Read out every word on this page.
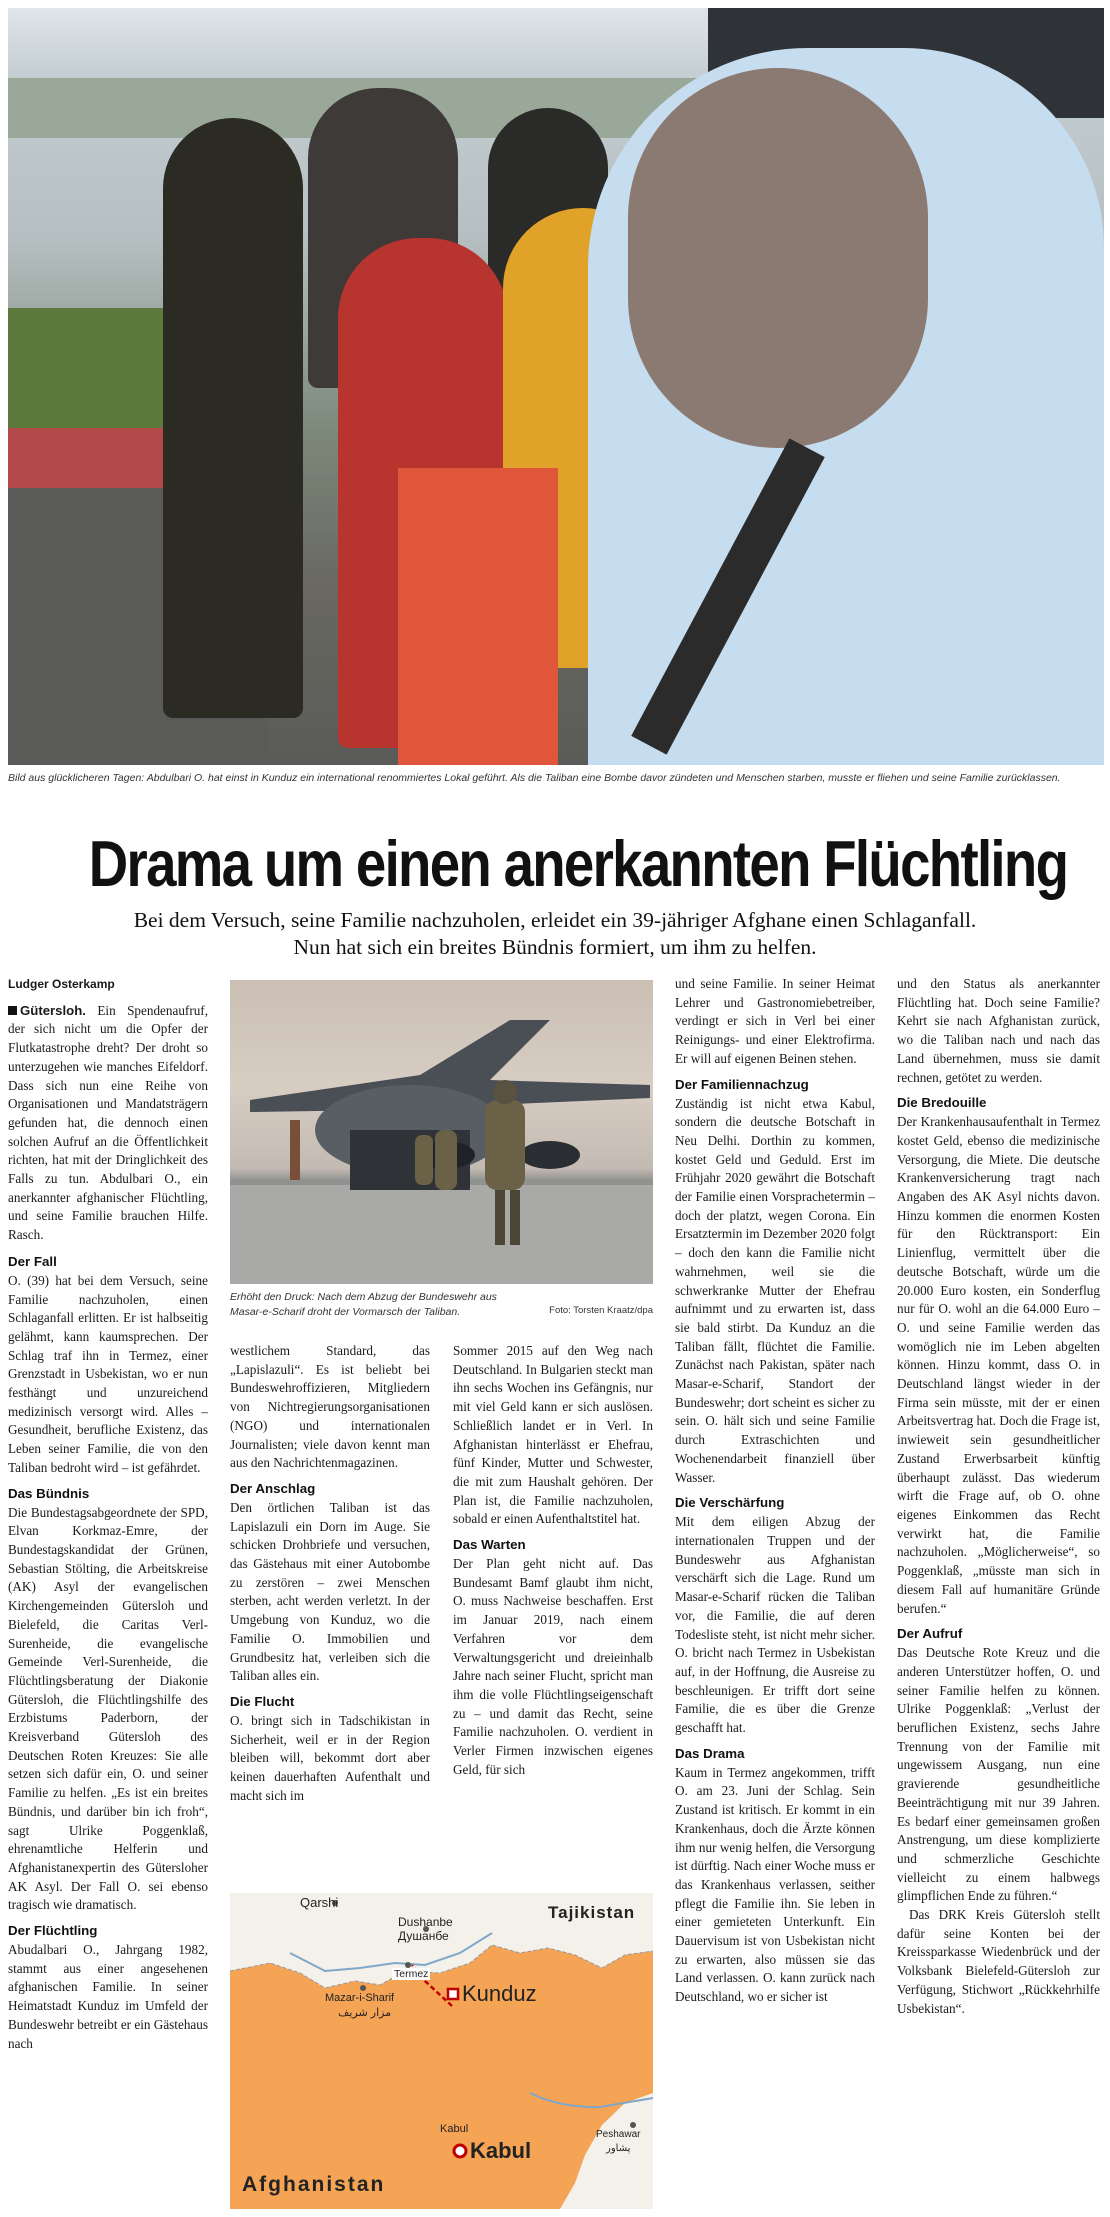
Bild aus glücklicheren Tagen: Abdulbari O. hat einst in Kunduz ein international renommiertes Lokal geführt. Als die Taliban eine Bombe davor zündeten und Menschen starben, musste er fliehen und seine Familie zurücklassen.
Drama um einen anerkannten Flüchtling
Bei dem Versuch, seine Familie nachzuholen, erleidet ein 39-jähriger Afghane einen Schlaganfall.
Nun hat sich ein breites Bündnis formiert, um ihm zu helfen.

Ludger Osterkamp

Gütersloh. Ein Spendenaufruf, der sich nicht um die Opfer der Flutkatastrophe dreht? Der droht so unterzugehen wie manches Eifeldorf. Dass sich nun eine Reihe von Organisationen und Mandatsträgern gefunden hat, die dennoch einen solchen Aufruf an die Öffentlichkeit richten, hat mit der Dringlichkeit des Falls zu tun. Abdulbari O., ein anerkannter afghanischer Flüchtling, und seine Familie brauchen Hilfe. Rasch.

Der Fall

O. (39) hat bei dem Versuch, seine Familie nachzuholen, einen Schlaganfall erlitten. Er ist halbseitig gelähmt, kann kaumsprechen. Der Schlag traf ihn in Termez, einer Grenzstadt in Usbekistan, wo er nun festhängt und unzureichend medizinisch versorgt wird. Alles – Gesundheit, berufliche Existenz, das Leben seiner Familie, die von den Taliban bedroht wird – ist gefährdet.

Das Bündnis

Die Bundestagsabgeordnete der SPD, Elvan Korkmaz-Emre, der Bundestagskandidat der Grünen, Sebastian Stölting, die Arbeitskreise (AK) Asyl der evangelischen Kirchengemeinden Gütersloh und Bielefeld, die Caritas Verl-Surenheide, die evangelische Gemeinde Verl-Surenheide, die Flüchtlingsberatung der Diakonie Gütersloh, die Flüchtlingshilfe des Erzbistums Paderborn, der Kreisverband Gütersloh des Deutschen Roten Kreuzes: Sie alle setzen sich dafür ein, O. und seiner Familie zu helfen. „Es ist ein breites Bündnis, und darüber bin ich froh“, sagt Ulrike Poggenklaß, ehrenamtliche Helferin und Afghanistanexpertin des Gütersloher AK Asyl. Der Fall O. sei ebenso tragisch wie dramatisch.

Der Flüchtling

Abudalbari O., Jahrgang 1982, stammt aus einer angesehenen afghanischen Familie. In seiner Heimatstadt Kunduz im Umfeld der Bundeswehr betreibt er ein Gästehaus nach

Erhöht den Druck: Nach dem Abzug der Bundeswehr aus Masar-e-Scharif droht der Vormarsch der Taliban.	Foto: Torsten Kraatz/dpa

westlichem Standard, das „Lapislazuli“. Es ist beliebt bei Bundeswehroffizieren, Mitgliedern von Nichtregierungsorganisationen (NGO) und internationalen Journalisten; viele davon kennt man aus den Nachrichtenmagazinen.

Der Anschlag

Den örtlichen Taliban ist das Lapislazuli ein Dorn im Auge. Sie schicken Drohbriefe und versuchen, das Gästehaus mit einer Autobombe zu zerstören – zwei Menschen sterben, acht werden verletzt. In der Umgebung von Kunduz, wo die Familie O. Immobilien und Grundbesitz hat, verleiben sich die Taliban alles ein.

Die Flucht

O. bringt sich in Tadschikistan in Sicherheit, weil er in der Region bleiben will, bekommt dort aber keinen dauerhaften Aufenthalt und macht sich im

Sommer 2015 auf den Weg nach Deutschland. In Bulgarien steckt man ihn sechs Wochen ins Gefängnis, nur mit viel Geld kann er sich auslösen. Schließlich landet er in Verl. In Afghanistan hinterlässt er Ehefrau, fünf Kinder, Mutter und Schwester, die mit zum Haushalt gehören. Der Plan ist, die Familie nachzuholen, sobald er einen Aufenthaltstitel hat.

Das Warten

Der Plan geht nicht auf. Das Bundesamt Bamf glaubt ihm nicht, O. muss Nachweise beschaffen. Erst im Januar 2019, nach einem Verfahren vor dem Verwaltungsgericht und dreieinhalb Jahre nach seiner Flucht, spricht man ihm die volle Flüchtlingseigenschaft zu – und damit das Recht, seine Familie nachzuholen. O. verdient in Verler Firmen inzwischen eigenes Geld, für sich

Qarshi
Tajikistan
Dushanbe
Душанбе
Termez
Mazar-i-Sharif
مزار شریف
Kunduz
Kabul
Kabul
Peshawar
پشاور
Afghanistan

und seine Familie. In seiner Heimat Lehrer und Gastronomiebetreiber, verdingt er sich in Verl bei einer Reinigungs- und einer Elektrofirma. Er will auf eigenen Beinen stehen.

Der Familiennachzug

Zuständig ist nicht etwa Kabul, sondern die deutsche Botschaft in Neu Delhi. Dorthin zu kommen, kostet Geld und Geduld. Erst im Frühjahr 2020 gewährt die Botschaft der Familie einen Vorsprachetermin – doch der platzt, wegen Corona. Ein Ersatztermin im Dezember 2020 folgt – doch den kann die Familie nicht wahrnehmen, weil sie die schwerkranke Mutter der Ehefrau aufnimmt und zu erwarten ist, dass sie bald stirbt. Da Kunduz an die Taliban fällt, flüchtet die Familie. Zunächst nach Pakistan, später nach Masar-e-Scharif, Standort der Bundeswehr; dort scheint es sicher zu sein. O. hält sich und seine Familie durch Extraschichten und Wochenendarbeit finanziell über Wasser.

Die Verschärfung

Mit dem eiligen Abzug der internationalen Truppen und der Bundeswehr aus Afghanistan verschärft sich die Lage. Rund um Masar-e-Scharif rücken die Taliban vor, die Familie, die auf deren Todesliste steht, ist nicht mehr sicher. O. bricht nach Termez in Usbekistan auf, in der Hoffnung, die Ausreise zu beschleunigen. Er trifft dort seine Familie, die es über die Grenze geschafft hat.

Das Drama

Kaum in Termez angekommen, trifft O. am 23. Juni der Schlag. Sein Zustand ist kritisch. Er kommt in ein Krankenhaus, doch die Ärzte können ihm nur wenig helfen, die Versorgung ist dürftig. Nach einer Woche muss er das Krankenhaus verlassen, seither pflegt die Familie ihn. Sie leben in einer gemieteten Unterkunft. Ein Dauervisum ist von Usbekistan nicht zu erwarten, also müssen sie das Land verlassen. O. kann zurück nach Deutschland, wo er sicher ist

und den Status als anerkannter Flüchtling hat. Doch seine Familie? Kehrt sie nach Afghanistan zurück, wo die Taliban nach und nach das Land übernehmen, muss sie damit rechnen, getötet zu werden.

Die Bredouille

Der Krankenhausaufenthalt in Termez kostet Geld, ebenso die medizinische Versorgung, die Miete. Die deutsche Krankenversicherung tragt nach Angaben des AK Asyl nichts davon. Hinzu kommen die enormen Kosten für den Rücktransport: Ein Linienflug, vermittelt über die deutsche Botschaft, würde um die 20.000 Euro kosten, ein Sonderflug nur für O. wohl an die 64.000 Euro – O. und seine Familie werden das womöglich nie im Leben abgelten können. Hinzu kommt, dass O. in Deutschland längst wieder in der Firma sein müsste, mit der er einen Arbeitsvertrag hat. Doch die Frage ist, inwieweit sein gesundheitlicher Zustand Erwerbsarbeit künftig überhaupt zulässt. Das wiederum wirft die Frage auf, ob O. ohne eigenes Einkommen das Recht verwirkt hat, die Familie nachzuholen. „Möglicherweise“, so Poggenklaß, „müsste man sich in diesem Fall auf humanitäre Gründe berufen.“

Der Aufruf

Das Deutsche Rote Kreuz und die anderen Unterstützer hoffen, O. und seiner Familie helfen zu können. Ulrike Poggenklaß: „Verlust der beruflichen Existenz, sechs Jahre Trennung von der Familie mit ungewissem Ausgang, nun eine gravierende gesundheitliche Beeinträchtigung mit nur 39 Jahren. Es bedarf einer gemeinsamen großen Anstrengung, um diese komplizierte und schmerzliche Geschichte vielleicht zu einem halbwegs glimpflichen Ende zu führen.“

Das DRK Kreis Gütersloh stellt dafür seine Konten bei der Kreissparkasse Wiedenbrück und der Volksbank Bielefeld-Gütersloh zur Verfügung, Stichwort „Rückkehrhilfe Usbekistan“.
